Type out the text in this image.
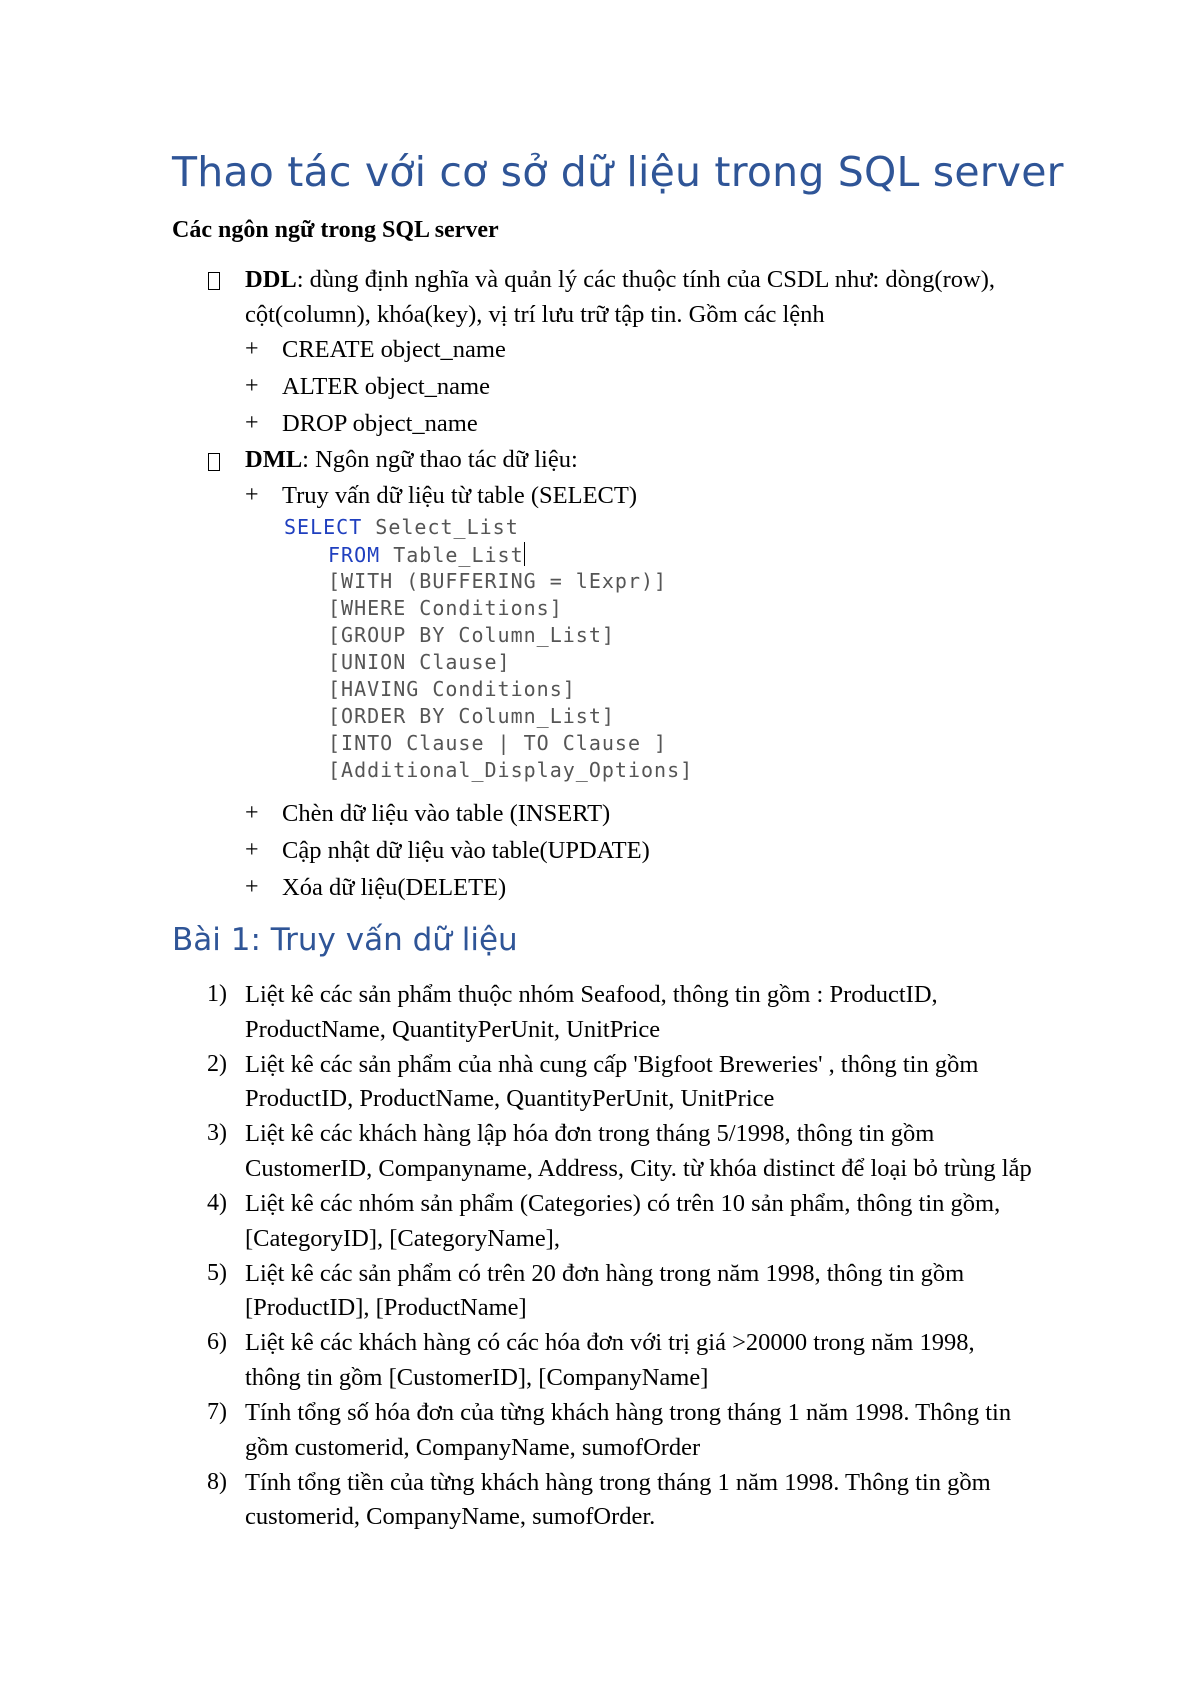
Thao tác với cơ sở dữ liệu trong SQL server
Các ngôn ngữ trong SQL server
DDL: dùng định nghĩa và quản lý các thuộc tính của CSDL như: dòng(row),
cột(column), khóa(key), vị trí lưu trữ tập tin. Gồm các lệnh
+ CREATE object_name
+ ALTER object_name
+ DROP object_name
DML: Ngôn ngữ thao tác dữ liệu:
+ Truy vấn dữ liệu từ table (SELECT)
SELECT Select_List
FROM Table_List
[WITH (BUFFERING = lExpr)]
[WHERE Conditions]
[GROUP BY Column_List]
[UNION Clause]
[HAVING Conditions]
[ORDER BY Column_List]
[INTO Clause | TO Clause ]
[Additional_Display_Options]
+ Chèn dữ liệu vào table (INSERT)
+ Cập nhật dữ liệu vào table(UPDATE)
+ Xóa dữ liệu(DELETE)
Bài 1: Truy vấn dữ liệu
1) Liệt kê các sản phẩm thuộc nhóm Seafood, thông tin gồm : ProductID,
ProductName, QuantityPerUnit, UnitPrice
2) Liệt kê các sản phẩm của nhà cung cấp 'Bigfoot Breweries' , thông tin gồm
ProductID, ProductName, QuantityPerUnit, UnitPrice
3) Liệt kê các khách hàng lập hóa đơn trong tháng 5/1998, thông tin gồm
CustomerID, Companyname, Address, City. từ khóa distinct để loại bỏ trùng lắp
4) Liệt kê các nhóm sản phẩm (Categories) có trên 10 sản phẩm, thông tin gồm,
[CategoryID], [CategoryName],
5) Liệt kê các sản phẩm có trên 20 đơn hàng trong năm 1998, thông tin gồm
[ProductID], [ProductName]
6) Liệt kê các khách hàng có các hóa đơn với trị giá >20000 trong năm 1998,
thông tin gồm [CustomerID], [CompanyName]
7) Tính tổng số hóa đơn của từng khách hàng trong tháng 1 năm 1998. Thông tin
gồm customerid, CompanyName, sumofOrder
8) Tính tổng tiền của từng khách hàng trong tháng 1 năm 1998. Thông tin gồm
customerid, CompanyName, sumofOrder.
